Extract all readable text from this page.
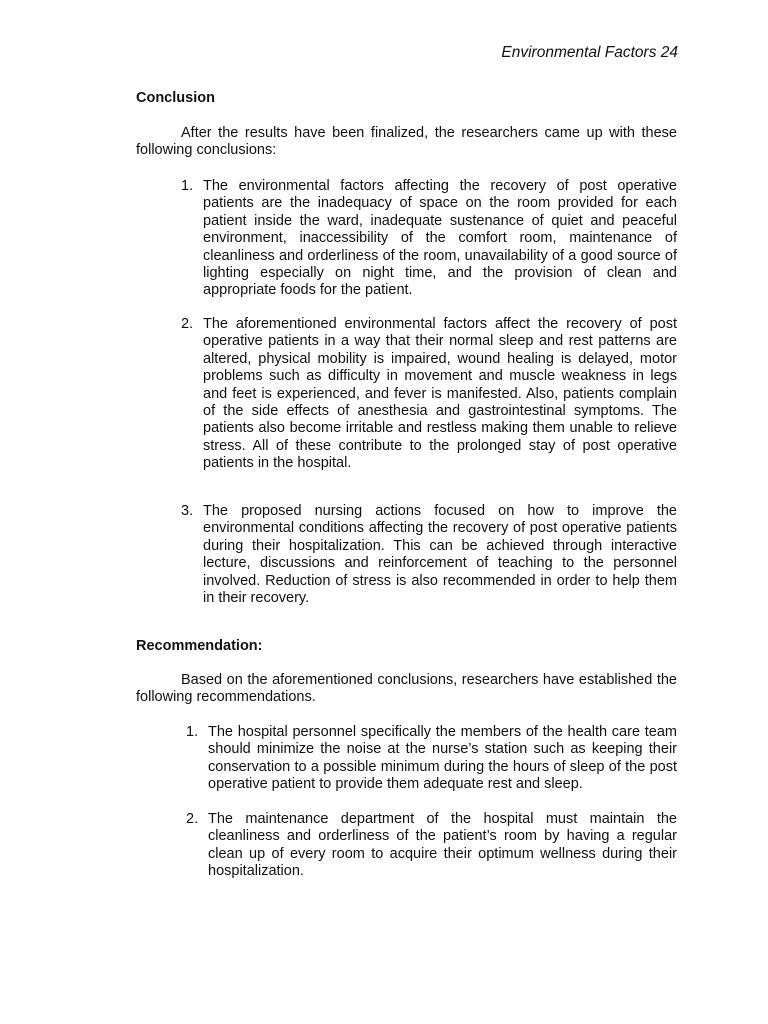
Environmental Factors 24
Conclusion

After the results have been finalized, the researchers came up with these following conclusions:

1. The environmental factors affecting the recovery of post operative patients are the inadequacy of space on the room provided for each patient inside the ward, inadequate sustenance of quiet and peaceful environment, inaccessibility of the comfort room, maintenance of cleanliness and orderliness of the room, unavailability of a good source of lighting especially on night time, and the provision of clean and appropriate foods for the patient.
2. The aforementioned environmental factors affect the recovery of post operative patients in a way that their normal sleep and rest patterns are altered, physical mobility is impaired, wound healing is delayed, motor problems such as difficulty in movement and muscle weakness in legs and feet is experienced, and fever is manifested. Also, patients complain of the side effects of anesthesia and gastrointestinal symptoms. The patients also become irritable and restless making them unable to relieve stress. All of these contribute to the prolonged stay of post operative patients in the hospital.
3. The proposed nursing actions focused on how to improve the environmental conditions affecting the recovery of post operative patients during their hospitalization. This can be achieved through interactive lecture, discussions and reinforcement of teaching to the personnel involved. Reduction of stress is also recommended in order to help them in their recovery.
Recommendation:

Based on the aforementioned conclusions, researchers have established the following recommendations.

1. The hospital personnel specifically the members of the health care team should minimize the noise at the nurse’s station such as keeping their conservation to a possible minimum during the hours of sleep of the post operative patient to provide them adequate rest and sleep.
2. The maintenance department of the hospital must maintain the cleanliness and orderliness of the patient’s room by having a regular clean up of every room to acquire their optimum wellness during their hospitalization.
